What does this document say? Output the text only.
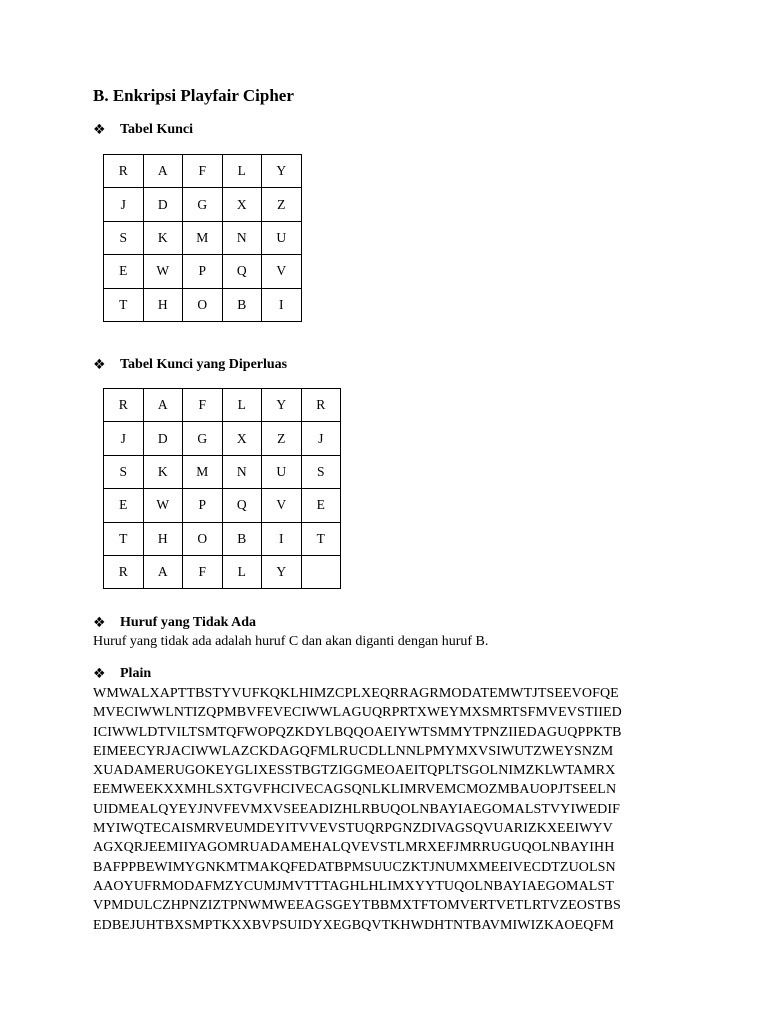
B. Enkripsi Playfair Cipher
❖	Tabel Kunci
R	A	F	L	Y
J	D	G	X	Z
S	K	M	N	U
E	W	P	Q	V
T	H	O	B	I
❖	Tabel Kunci yang Diperluas
R	A	F	L	Y	R
J	D	G	X	Z	J
S	K	M	N	U	S
E	W	P	Q	V	E
T	H	O	B	I	T
R	A	F	L	Y	
❖	Huruf yang Tidak Ada
Huruf yang tidak ada adalah huruf C dan akan diganti dengan huruf B.
❖	Plain
WMWALXAPTTBSTYVUFKQKLHIMZCPLXEQRRAGRMODATEMWTJTSEEVOFQE
MVECIWWLNTIZQPMBVFEVECIWWLAGUQRPRTXWEYMXSMRTSFMVEVSTIIED
ICIWWLDTVILTSMTQFWOPQZKDYLBQQOAEIYWTSMMYTPNZIIEDAGUQPPKTB
EIMEECYRJACIWWLAZCKDAGQFMLRUCDLLNNLPMYMXVSIWUTZWEYSNZM
XUADAMERUGOKEYGLIXESSTBGTZIGGMEOAEITQPLTSGOLNIMZKLWTAMRX
EEMWEEKXXMHLSXTGVFHCIVECAGSQNLKLIMRVEMCMOZMBAUOPJTSEELN
UIDMEALQYEYJNVFEVMXVSEEADIZHLRBUQOLNBAYIAEGOMALSTVYIWEDIF
MYIWQTECAISMRVEUMDEYITVVEVSTUQRPGNZDIVAGSQVUARIZKXEEIWYV
AGXQRJEEMIIYAGOMRUADAMEHALQVEVSTLMRXEFJMRRUGUQOLNBAYIHH
BAFPPBEWIMYGNKMTMAKQFEDATBPMSUUCZKTJNUMXMEEIVECDTZUOLSN
AAOYUFRMODAFMZYCUMJMVTTTAGHLHLIMXYYTUQOLNBAYIAEGOMALST
VPMDULCZHPNZIZTPNWMWEEAGSGEYTBBMXTFTOMVERTVETLRTVZEOSTBS
EDBEJUHTBXSMPTKXXBVPSUIDYXEGBQVTKHWDHTNTBAVMIWIZKAOEQFM
